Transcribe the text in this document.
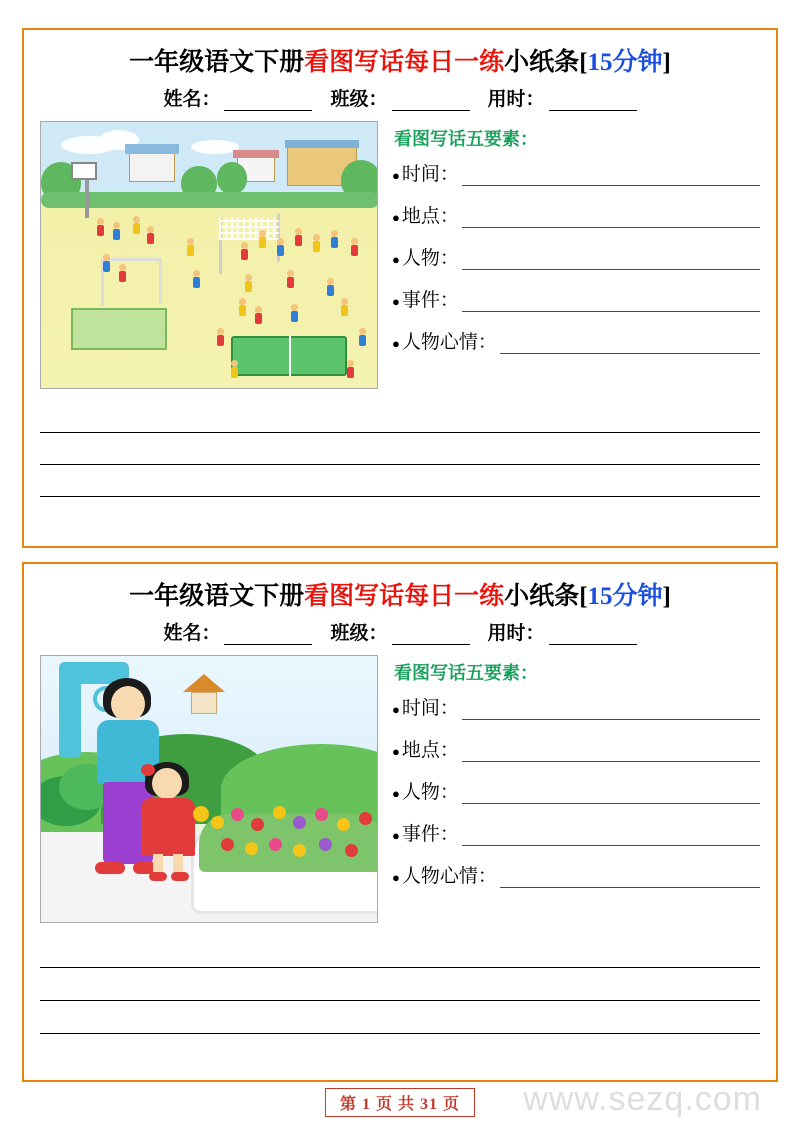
一年级语文下册看图写话每日一练小纸条[15分钟]
姓名：	班级：	用时：
看图写话五要素：
● 时间：
● 地点：
● 人物：
● 事件：
● 人物心情：
一年级语文下册看图写话每日一练小纸条[15分钟]
姓名：	班级：	用时：
看图写话五要素：
● 时间：
● 地点：
● 人物：
● 事件：
● 人物心情：
www.sezq.com
第 1 页 共 31 页
